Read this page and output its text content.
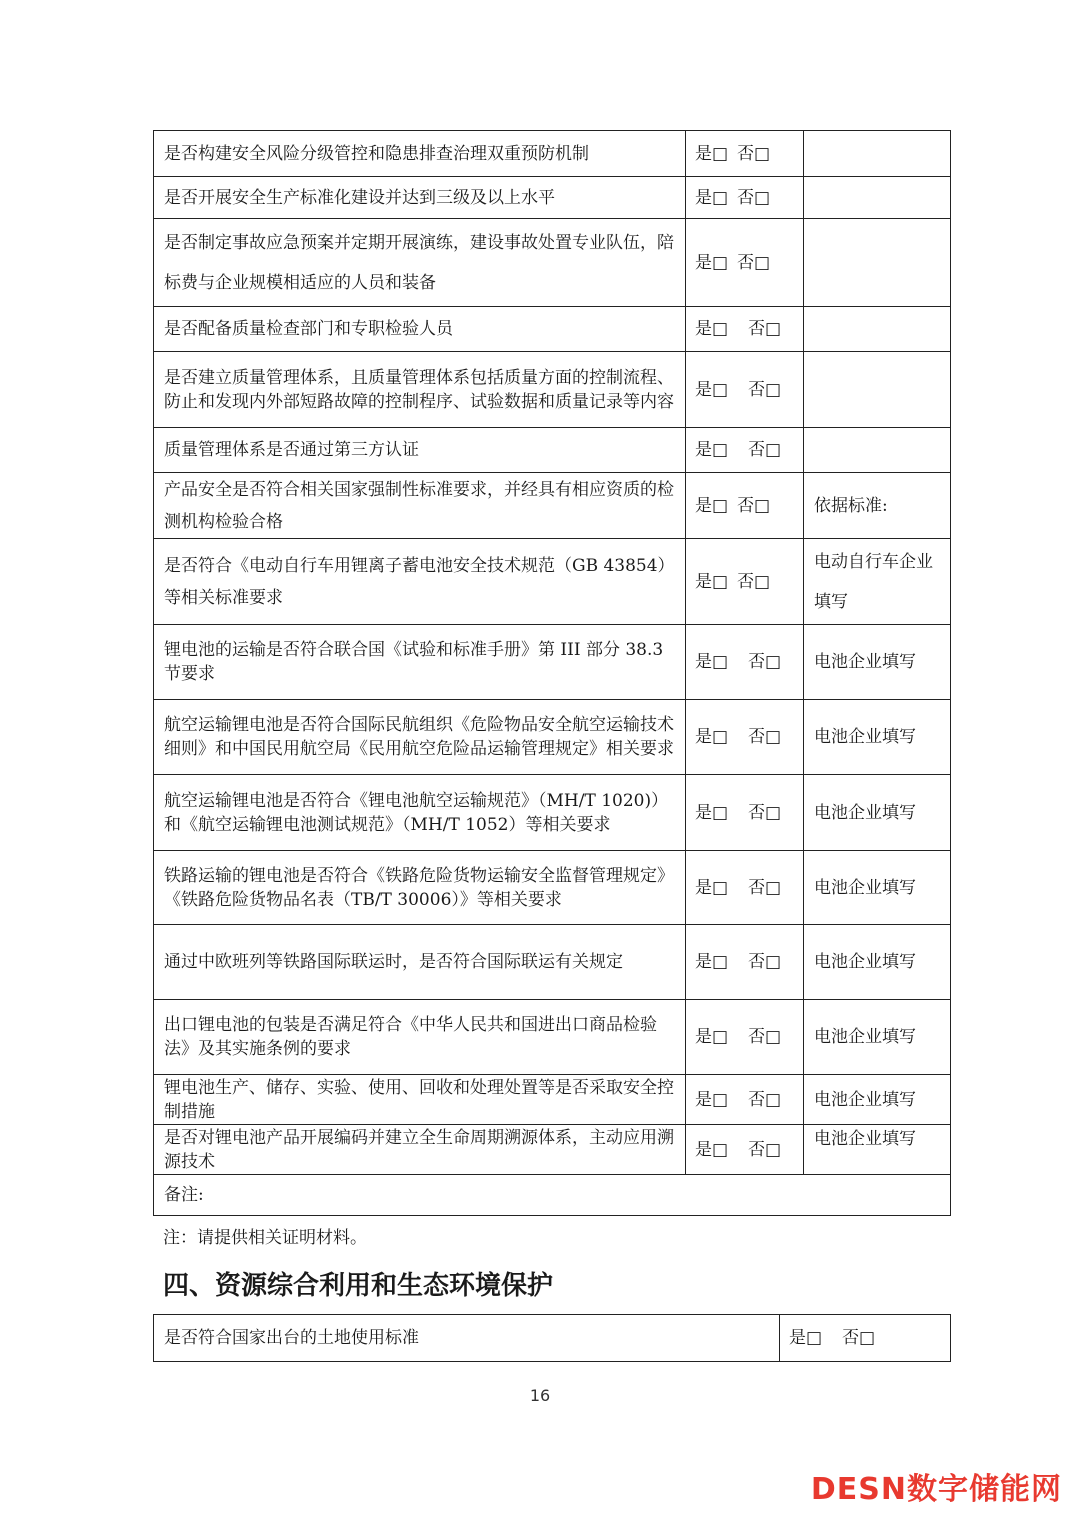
是否构建安全风险分级管控和隐患排查治理双重预防机制	是□ 否□	
是否开展安全生产标准化建设并达到三级及以上水平	是□ 否□	
是否制定事故应急预案并定期开展演练，建设事故处置专业队伍，陪标费与企业规模相适应的人员和装备	是□ 否□	
是否配备质量检查部门和专职检验人员	是□ 否□	
是否建立质量管理体系，且质量管理体系包括质量方面的控制流程、防止和发现内外部短路故障的控制程序、试验数据和质量记录等内容	是□ 否□	
质量管理体系是否通过第三方认证	是□ 否□	
产品安全是否符合相关国家强制性标准要求，并经具有相应资质的检测机构检验合格	是□ 否□	依据标准:
是否符合《电动自行车用锂离子蓄电池安全技术规范（GB 43854）等相关标准要求	是□ 否□	电动自行车企业填写
锂电池的运输是否符合联合国《试验和标准手册》第 III 部分 38.3 节要求	是□ 否□	电池企业填写
航空运输锂电池是否符合国际民航组织《危险物品安全航空运输技术细则》和中国民用航空局《民用航空危险品运输管理规定》相关要求	是□ 否□	电池企业填写
航空运输锂电池是否符合《锂电池航空运输规范》（MH/T 1020)）和《航空运输锂电池测试规范》（MH/T 1052）等相关要求	是□ 否□	电池企业填写
铁路运输的锂电池是否符合《铁路危险货物运输安全监督管理规定》《铁路危险货物品名表（TB/T 30006）》等相关要求	是□ 否□	电池企业填写
通过中欧班列等铁路国际联运时，是否符合国际联运有关规定	是□ 否□	电池企业填写
出口锂电池的包装是否满足符合《中华人民共和国进出口商品检验法》及其实施条例的要求	是□ 否□	电池企业填写
锂电池生产、储存、实验、使用、回收和处理处置等是否采取安全控制措施	是□ 否□	电池企业填写
是否对锂电池产品开展编码并建立全生命周期溯源体系，主动应用溯源技术	是□ 否□	电池企业填写
备注:		
注：请提供相关证明材料。
四、资源综合利用和生态环境保护
是否符合国家出台的土地使用标准	是□ 否□
16
DESN数字储能网
